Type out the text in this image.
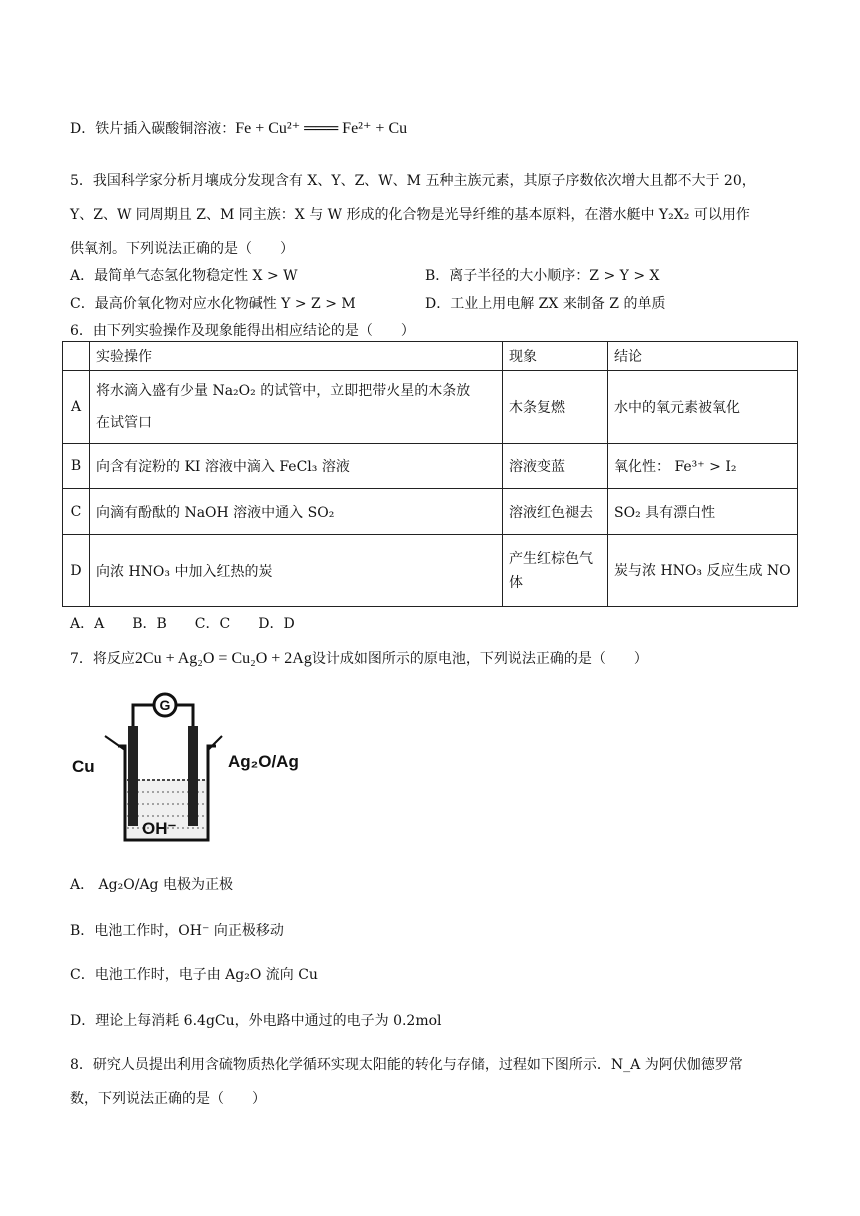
D．铁片插入碳酸铜溶液：Fe + Cu²⁺ ═══ Fe²⁺ + Cu
5．我国科学家分析月壤成分发现含有 X、Y、Z、W、M 五种主族元素，其原子序数依次增大且都不大于 20，
Y、Z、W 同周期且 Z、M 同主族：X 与 W 形成的化合物是光导纤维的基本原料，在潜水艇中 Y₂X₂ 可以用作
供氧剂。下列说法正确的是（　　）
A．最简单气态氢化物稳定性 X > W	B．离子半径的大小顺序：Z > Y > X
C．最高价氧化物对应水化物碱性 Y > Z > M	D．工业上用电解 ZX 来制备 Z 的单质
6．由下列实验操作及现象能得出相应结论的是（　　）
	实验操作	现象	结论
A	将水滴入盛有少量 Na₂O₂ 的试管中，立即把带火星的木条放
在试管口	木条复燃	水中的氧元素被氧化
B	向含有淀粉的 KI 溶液中滴入 FeCl₃ 溶液	溶液变蓝	氧化性： Fe³⁺ > I₂
C	向滴有酚酞的 NaOH 溶液中通入 SO₂	溶液红色褪去	SO₂ 具有漂白性
D	向浓 HNO₃ 中加入红热的炭	产生红棕色气体	炭与浓 HNO₃ 反应生成 NO
A．A　　B．B　　C．C　　D．D
7．将反应2Cu + Ag₂O = Cu₂O + 2Ag设计成如图所示的原电池，下列说法正确的是（　　）
G
Cu	Ag₂O/Ag
OH⁻
A． Ag₂O/Ag 电极为正极
B．电池工作时，OH⁻ 向正极移动
C．电池工作时，电子由 Ag₂O 流向 Cu
D．理论上每消耗 6.4gCu，外电路中通过的电子为 0.2mol
8．研究人员提出利用含硫物质热化学循环实现太阳能的转化与存储，过程如下图所示．N_A 为阿伏伽德罗常
数，下列说法正确的是（　　）
